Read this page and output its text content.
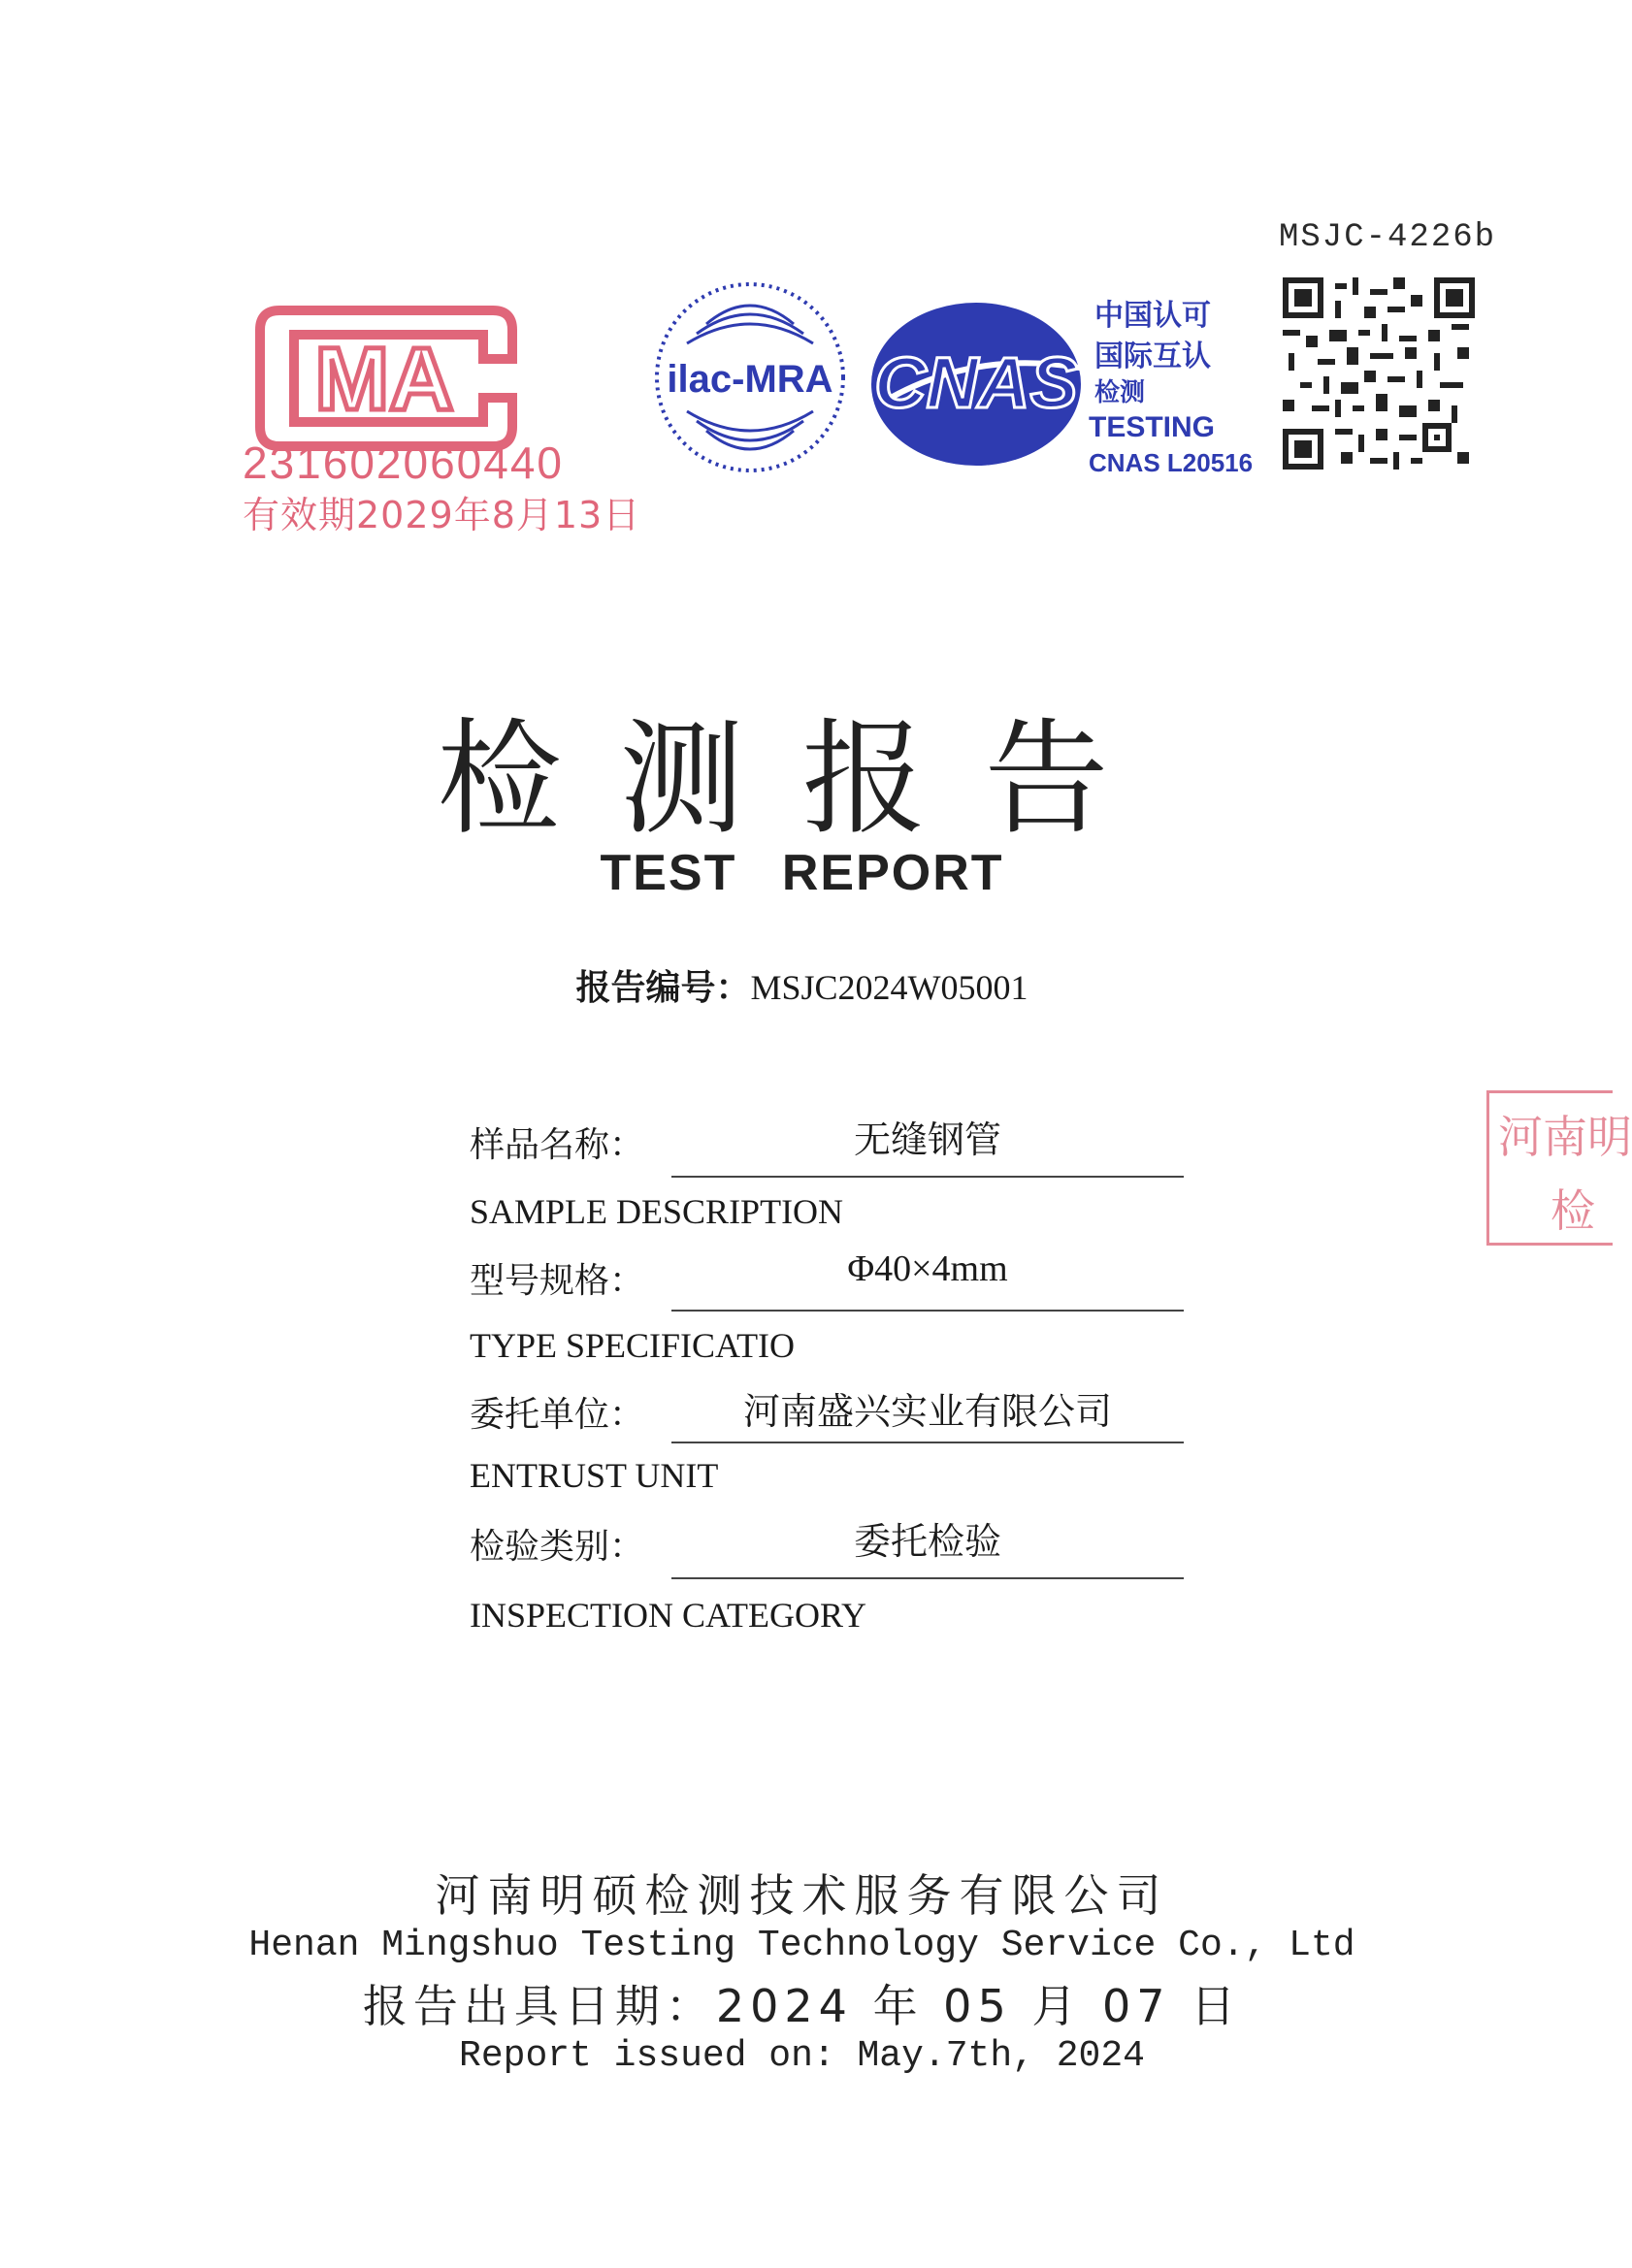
MSJC-4226b
MA
231602060440
有效期2029年8月13日
ilac-MRA CNAS
中国认可
国际互认
检测
TESTING
CNAS L20516
检测报告
TEST REPORT
报告编号：MSJC2024W05001
样品名称：	无缝钢管
SAMPLE DESCRIPTION
型号规格：	Φ40×4mm
TYPE SPECIFICATIO
委托单位：	河南盛兴实业有限公司
ENTRUST UNIT
检验类别：	委托检验
INSPECTION CATEGORY
河南明
检
河南明硕检测技术服务有限公司
Henan Mingshuo Testing Technology Service Co., Ltd
报告出具日期：2024 年 05 月 07 日
Report issued on: May.7th, 2024
